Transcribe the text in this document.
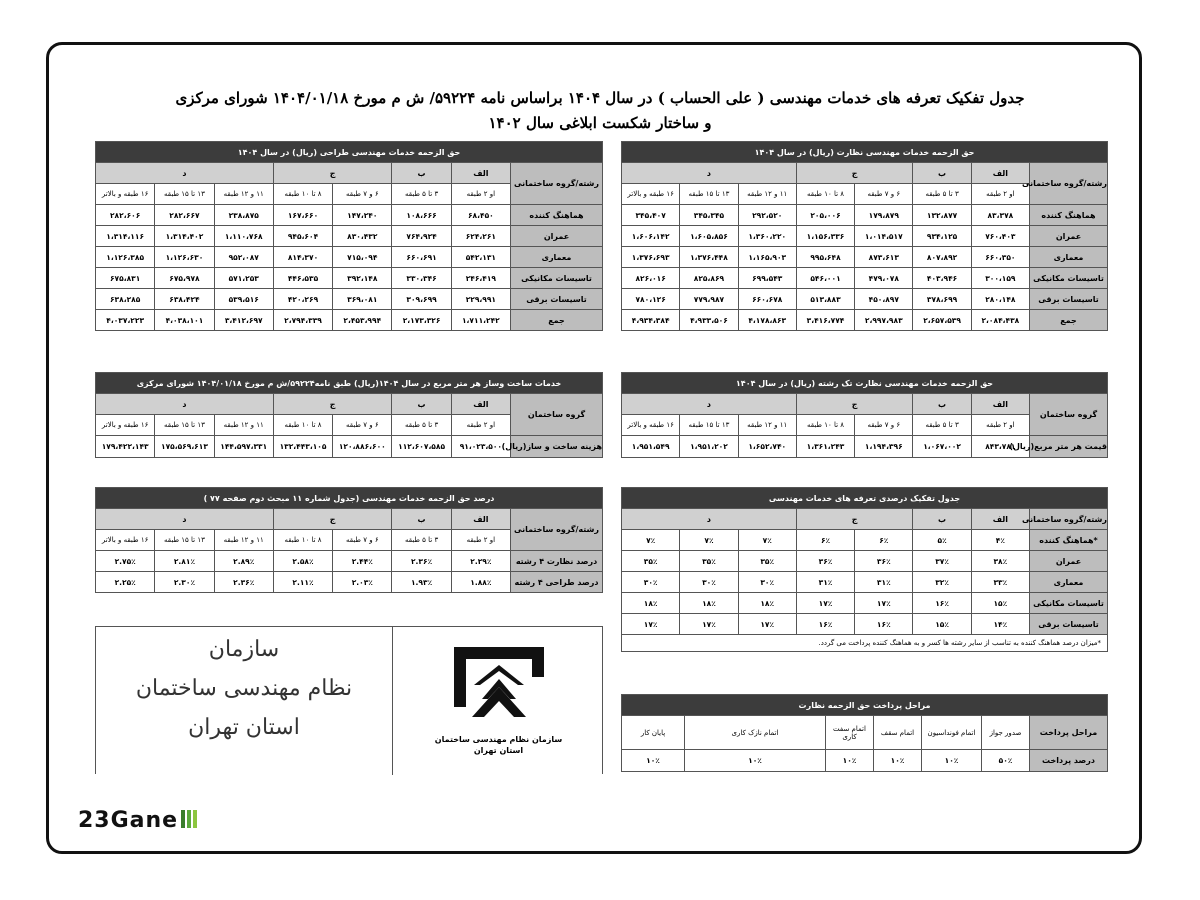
جدول تفکیک تعرفه های خدمات مهندسی ( علی الحساب ) در سال ۱۴۰۴ براساس نامه ۵۹۲۲۴/ ش م مورخ ۱۴۰۴/۰۱/۱۸ شورای مرکزی
و ساختار شکست ابلاغی سال ۱۴۰۲
حق الزحمه خدمات مهندسی نظارت (ریال) در سال ۱۴۰۴							
رشته/گروه ساختمانی	الف	ب	ج		د		
	او ۲ طبقه	۳ تا ۵ طبقه	۶ و ۷ طبقه	۸ تا ۱۰ طبقه	۱۱ و ۱۲ طبقه	۱۳ تا ۱۵ طبقه	۱۶ طبقه و بالاتر
هماهنگ کننده	۸۳،۳۷۸	۱۳۲،۸۷۷	۱۷۹،۸۷۹	۲۰۵،۰۰۶	۲۹۲،۵۲۰	۳۴۵،۳۴۵	۳۴۵،۴۰۷
عمران	۷۶۰،۴۰۳	۹۳۴،۱۲۵	۱،۰۱۴،۵۱۷	۱،۱۵۶،۳۳۶	۱،۳۶۰،۲۲۰	۱،۶۰۵،۸۵۶	۱،۶۰۶،۱۴۲
معماری	۶۶۰،۳۵۰	۸۰۷،۸۹۲	۸۷۳،۶۱۳	۹۹۵،۶۴۸	۱،۱۶۵،۹۰۳	۱،۳۷۶،۴۴۸	۱،۳۷۶،۶۹۳
تاسیسات مکانیکی	۳۰۰،۱۵۹	۴۰۳،۹۴۶	۴۷۹،۰۷۸	۵۴۶،۰۰۱	۶۹۹،۵۴۳	۸۲۵،۸۶۹	۸۲۶،۰۱۶
تاسیسات برقی	۲۸۰،۱۴۸	۳۷۸،۶۹۹	۴۵۰،۸۹۷	۵۱۳،۸۸۳	۶۶۰،۶۷۸	۷۷۹،۹۸۷	۷۸۰،۱۲۶
جمع	۲،۰۸۴،۴۳۸	۲،۶۵۷،۵۳۹	۲،۹۹۷،۹۸۳	۳،۴۱۶،۷۷۴	۴،۱۷۸،۸۶۳	۴،۹۳۳،۵۰۶	۴،۹۳۴،۳۸۴
حق الزحمه خدمات مهندسی طراحی (ریال) در سال ۱۴۰۴							
رشته/گروه ساختمانی	الف	ب	ج		د		
	او ۲ طبقه	۳ تا ۵ طبقه	۶ و ۷ طبقه	۸ تا ۱۰ طبقه	۱۱ و ۱۲ طبقه	۱۳ تا ۱۵ طبقه	۱۶ طبقه و بالاتر
هماهنگ کننده	۶۸،۴۵۰	۱۰۸،۶۶۶	۱۴۷،۲۴۰	۱۶۷،۶۶۰	۲۳۸،۸۷۵	۲۸۲،۶۶۷	۲۸۲،۶۰۶
عمران	۶۲۴،۲۶۱	۷۶۴،۹۲۴	۸۳۰،۴۳۲	۹۴۵،۶۰۴	۱،۱۱۰،۷۶۸	۱،۳۱۴،۴۰۲	۱،۳۱۴،۱۱۶
معماری	۵۴۲،۱۳۱	۶۶۰،۶۹۱	۷۱۵،۰۹۴	۸۱۴،۳۷۰	۹۵۲،۰۸۷	۱،۱۲۶،۶۳۰	۱،۱۲۶،۳۸۵
تاسیسات مکانیکی	۲۴۶،۴۱۹	۳۳۰،۳۴۶	۳۹۲،۱۴۸	۴۴۶،۵۳۵	۵۷۱،۲۵۳	۶۷۵،۹۷۸	۶۷۵،۸۳۱
تاسیسات برقی	۲۲۹،۹۹۱	۳۰۹،۶۹۹	۳۶۹،۰۸۱	۴۲۰،۲۶۹	۵۳۹،۵۱۶	۶۳۸،۴۲۴	۶۳۸،۲۸۵
جمع	۱،۷۱۱،۲۴۲	۲،۱۷۳،۳۲۶	۲،۴۵۳،۹۹۴	۲،۷۹۴،۳۳۹	۳،۴۱۲،۶۹۷	۴،۰۳۸،۱۰۱	۴،۰۳۷،۲۲۳
حق الزحمه خدمات مهندسی نظارت تک رشته (ریال) در سال ۱۴۰۴							
گروه ساختمان	الف	ب	ج		د		
	او ۲ طبقه	۳ تا ۵ طبقه	۶ و ۷ طبقه	۸ تا ۱۰ طبقه	۱۱ و ۱۲ طبقه	۱۳ تا ۱۵ طبقه	۱۶ طبقه و بالاتر
قیمت هر متر مربع(ریال)	۸۴۳،۷۸۱	۱،۰۶۷،۰۰۲	۱،۱۹۴،۳۹۶	۱،۳۶۱،۲۴۳	۱،۶۵۲،۷۴۰	۱،۹۵۱،۲۰۲	۱،۹۵۱،۵۴۹
خدمات ساخت وساز هر متر مربع در سال ۱۴۰۴(ریال) طبق نامه۵۹۲۲۴/ش م مورخ ۱۴۰۴/۰۱/۱۸ شورای مرکزی							
گروه ساختمان	الف	ب	ج		د		
	او ۲ طبقه	۳ تا ۵ طبقه	۶ و ۷ طبقه	۸ تا ۱۰ طبقه	۱۱ و ۱۲ طبقه	۱۳ تا ۱۵ طبقه	۱۶ طبقه و بالاتر
هزینه ساخت و ساز(ریال)	۹۱،۰۲۳،۵۰۰	۱۱۲،۶۰۷،۵۸۵	۱۲۰،۸۸۶،۶۰۰	۱۳۲،۴۴۳،۱۰۵	۱۴۴،۵۹۷،۳۳۱	۱۷۵،۵۶۹،۶۱۳	۱۷۹،۴۲۲،۱۴۳
جدول تفکیک درصدی تعرفه های خدمات مهندسی							
رشته/گروه ساختمانی	الف	ب	ج		د		
*هماهنگ کننده	۴٪	۵٪	۶٪	۶٪	۷٪	۷٪	۷٪
عمران	۳۸٪	۳۷٪	۳۶٪	۳۶٪	۳۵٪	۳۵٪	۳۵٪
معماری	۳۳٪	۳۲٪	۳۱٪	۳۱٪	۳۰٪	۳۰٪	۳۰٪
تاسیسات مکانیکی	۱۵٪	۱۶٪	۱۷٪	۱۷٪	۱۸٪	۱۸٪	۱۸٪
تاسیسات برقی	۱۴٪	۱۵٪	۱۶٪	۱۶٪	۱۷٪	۱۷٪	۱۷٪
*میزان درصد هماهنگ کننده به تناسب از سایر رشته ها کسر و به هماهنگ کننده پرداخت می گردد.
درصد حق الزحمه خدمات مهندسی (جدول شماره ۱۱ مبحث دوم صفحه ۷۷ )							
رشته/گروه ساختمانی	الف	ب	ج		د		
	او ۲ طبقه	۳ تا ۵ طبقه	۶ و ۷ طبقه	۸ تا ۱۰ طبقه	۱۱ و ۱۲ طبقه	۱۳ تا ۱۵ طبقه	۱۶ طبقه و بالاتر
درصد نظارت ۴ رشته	۲.۲۹٪	۲.۳۶٪	۲.۴۴٪	۲.۵۸٪	۲.۸۹٪	۲.۸۱٪	۲.۷۵٪
درصد طراحی ۴ رشته	۱.۸۸٪	۱.۹۳٪	۲.۰۳٪	۲.۱۱٪	۲.۳۶٪	۲.۳۰٪	۲.۲۵٪
مراحل پرداخت حق الزحمه نظارت						
مراحل پرداخت	صدور جواز	اتمام فونداسیون	اتمام سقف	اتمام سفت کاری	اتمام نازک کاری	پایان کار
درصد پرداخت	۵۰٪	۱۰٪	۱۰٪	۱۰٪	۱۰٪	۱۰٪
سازمان
نظام مهندسی ساختمان
استان تهران	سازمان نظام مهندسی ساختمان
استان تهران
23Gane
